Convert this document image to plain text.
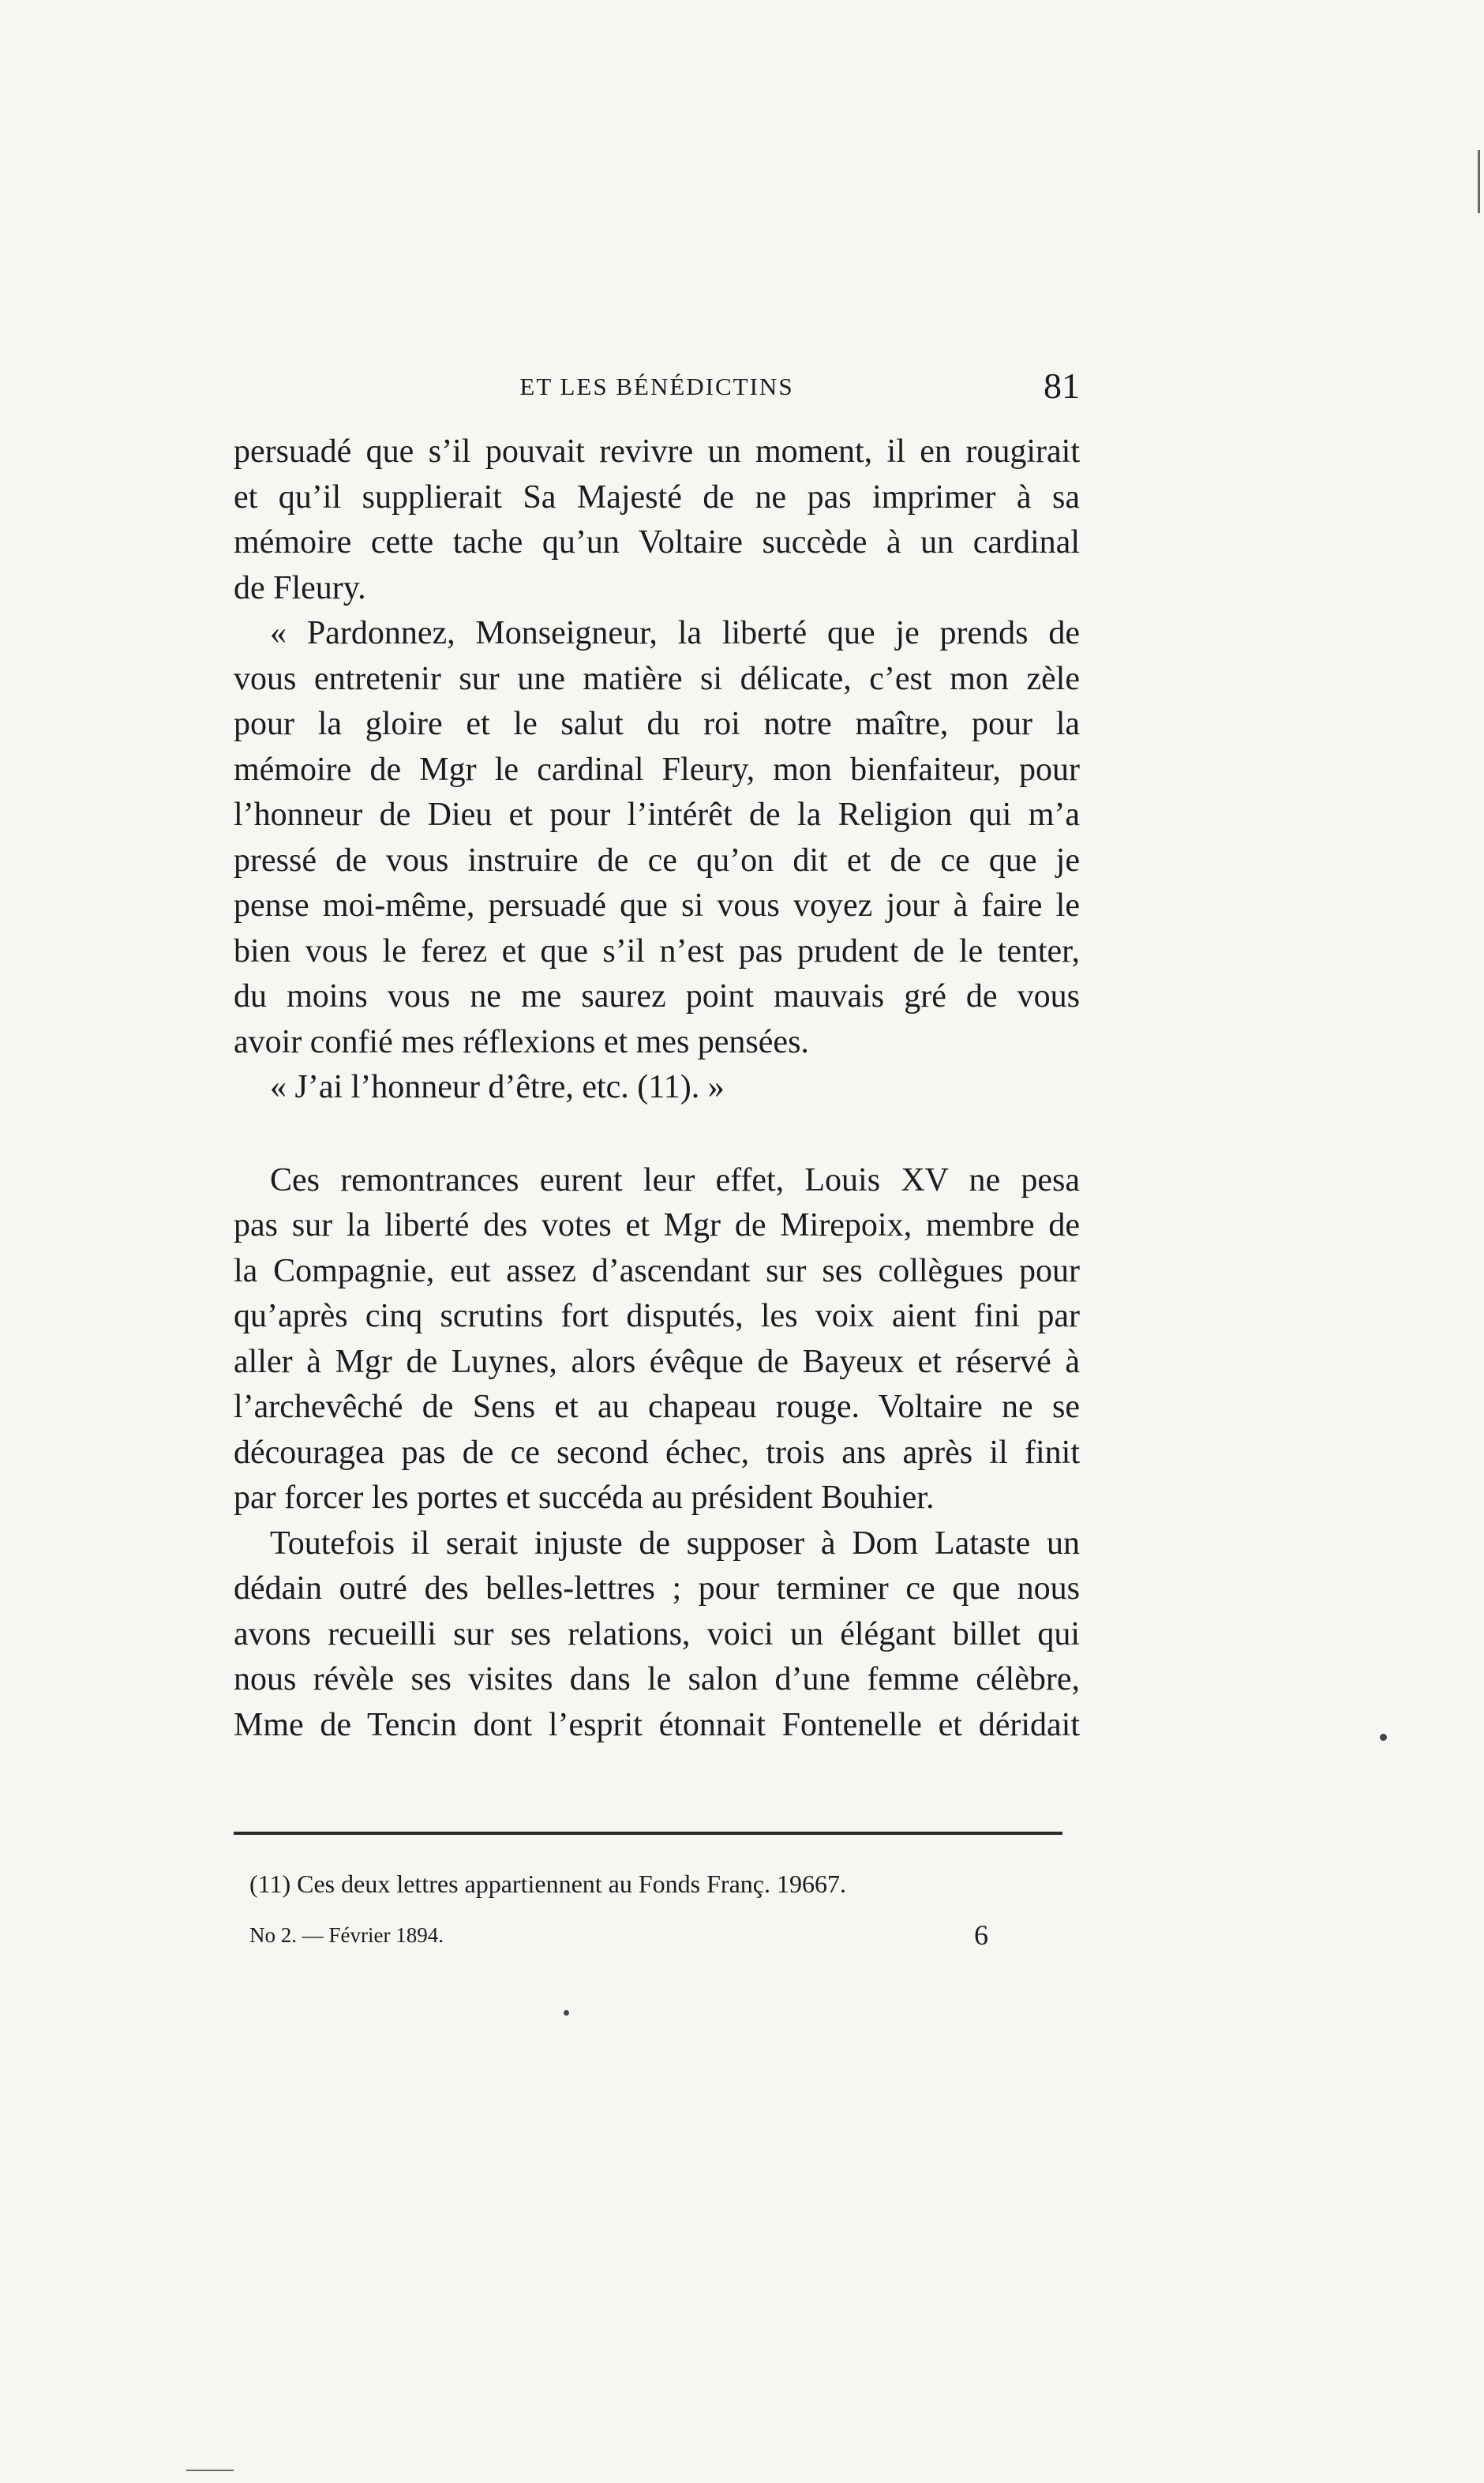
ET LES BÉNÉDICTINS	81
persuadé que s’il pouvait revivre un moment, il en rougirait
et qu’il supplierait Sa Majesté de ne pas imprimer à sa
mémoire cette tache qu’un Voltaire succède à un cardinal
de Fleury.
« Pardonnez, Monseigneur, la liberté que je prends de
vous entretenir sur une matière si délicate, c’est mon zèle
pour la gloire et le salut du roi notre maître, pour la
mémoire de Mgr le cardinal Fleury, mon bienfaiteur, pour
l’honneur de Dieu et pour l’intérêt de la Religion qui m’a
pressé de vous instruire de ce qu’on dit et de ce que je
pense moi-même, persuadé que si vous voyez jour à faire le
bien vous le ferez et que s’il n’est pas prudent de le tenter,
du moins vous ne me saurez point mauvais gré de vous
avoir confié mes réflexions et mes pensées.
« J’ai l’honneur d’être, etc. (11). »
Ces remontrances eurent leur effet, Louis XV ne pesa
pas sur la liberté des votes et Mgr de Mirepoix, membre de
la Compagnie, eut assez d’ascendant sur ses collègues pour
qu’après cinq scrutins fort disputés, les voix aient fini par
aller à Mgr de Luynes, alors évêque de Bayeux et réservé à
l’archevêché de Sens et au chapeau rouge. Voltaire ne se
découragea pas de ce second échec, trois ans après il finit
par forcer les portes et succéda au président Bouhier.
Toutefois il serait injuste de supposer à Dom Lataste un
dédain outré des belles-lettres ; pour terminer ce que nous
avons recueilli sur ses relations, voici un élégant billet qui
nous révèle ses visites dans le salon d’une femme célèbre,
Mme de Tencin dont l’esprit étonnait Fontenelle et déridait
(11) Ces deux lettres appartiennent au Fonds Franç. 19667.
No 2. — Février 1894.	6
